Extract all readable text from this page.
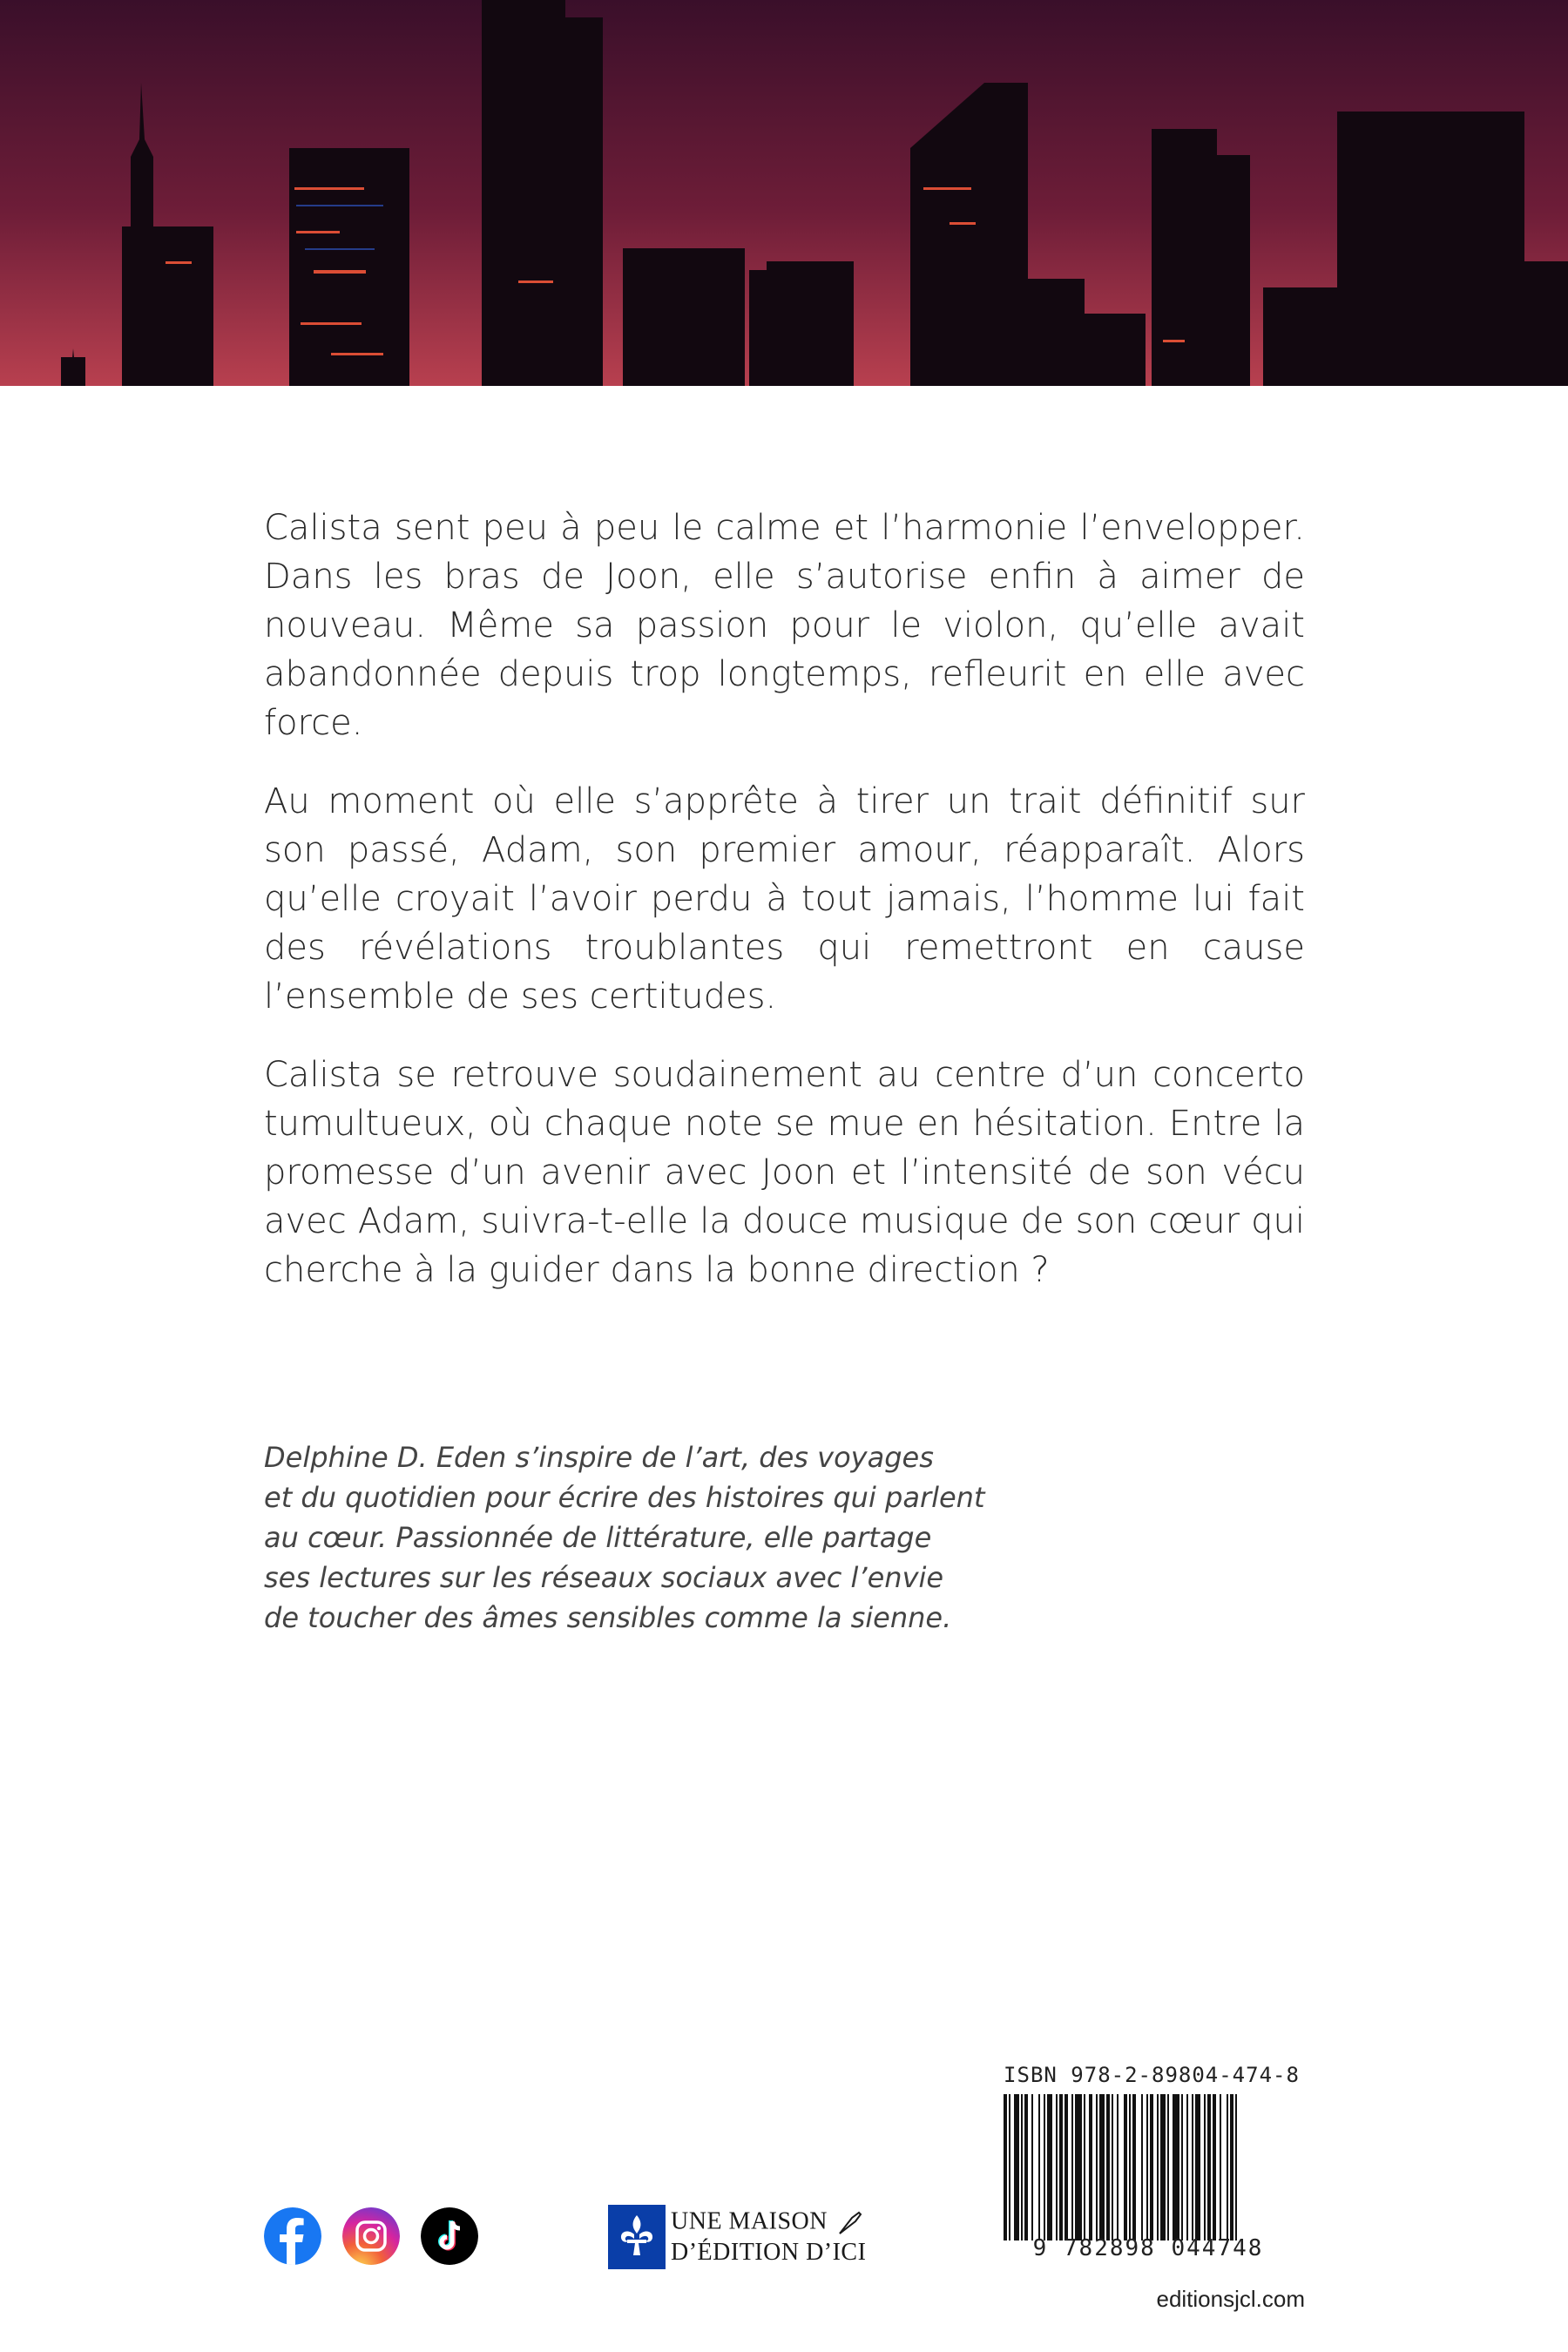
Calista sent peu à peu le calme et l’harmonie l’envelopper. Dans les bras de Joon, elle s’autorise enfin à aimer de nouveau. Même sa passion pour le violon, qu’elle avait abandonnée depuis trop longtemps, refleurit en elle avec force.

Au moment où elle s’apprête à tirer un trait définitif sur son passé, Adam, son premier amour, réapparaît. Alors qu’elle croyait l’avoir perdu à tout jamais, l’homme lui fait des révélations troublantes qui remettront en cause l’ensemble de ses certitudes.

Calista se retrouve soudainement au centre d’un concerto tumultueux, où chaque note se mue en hésitation. Entre la promesse d’un avenir avec Joon et l’intensité de son vécu avec Adam, suivra-t-elle la douce musique de son cœur qui cherche à la guider dans la bonne direction ?

Delphine D. Eden s’inspire de l’art, des voyages
et du quotidien pour écrire des histoires qui parlent
au cœur. Passionnée de littérature, elle partage
ses lectures sur les réseaux sociaux avec l’envie
de toucher des âmes sensibles comme la sienne.
UNE MAISON
D’ÉDITION D’ICI
ISBN 978-2-89804-474-8
9 782898 044748
editionsjcl.com
